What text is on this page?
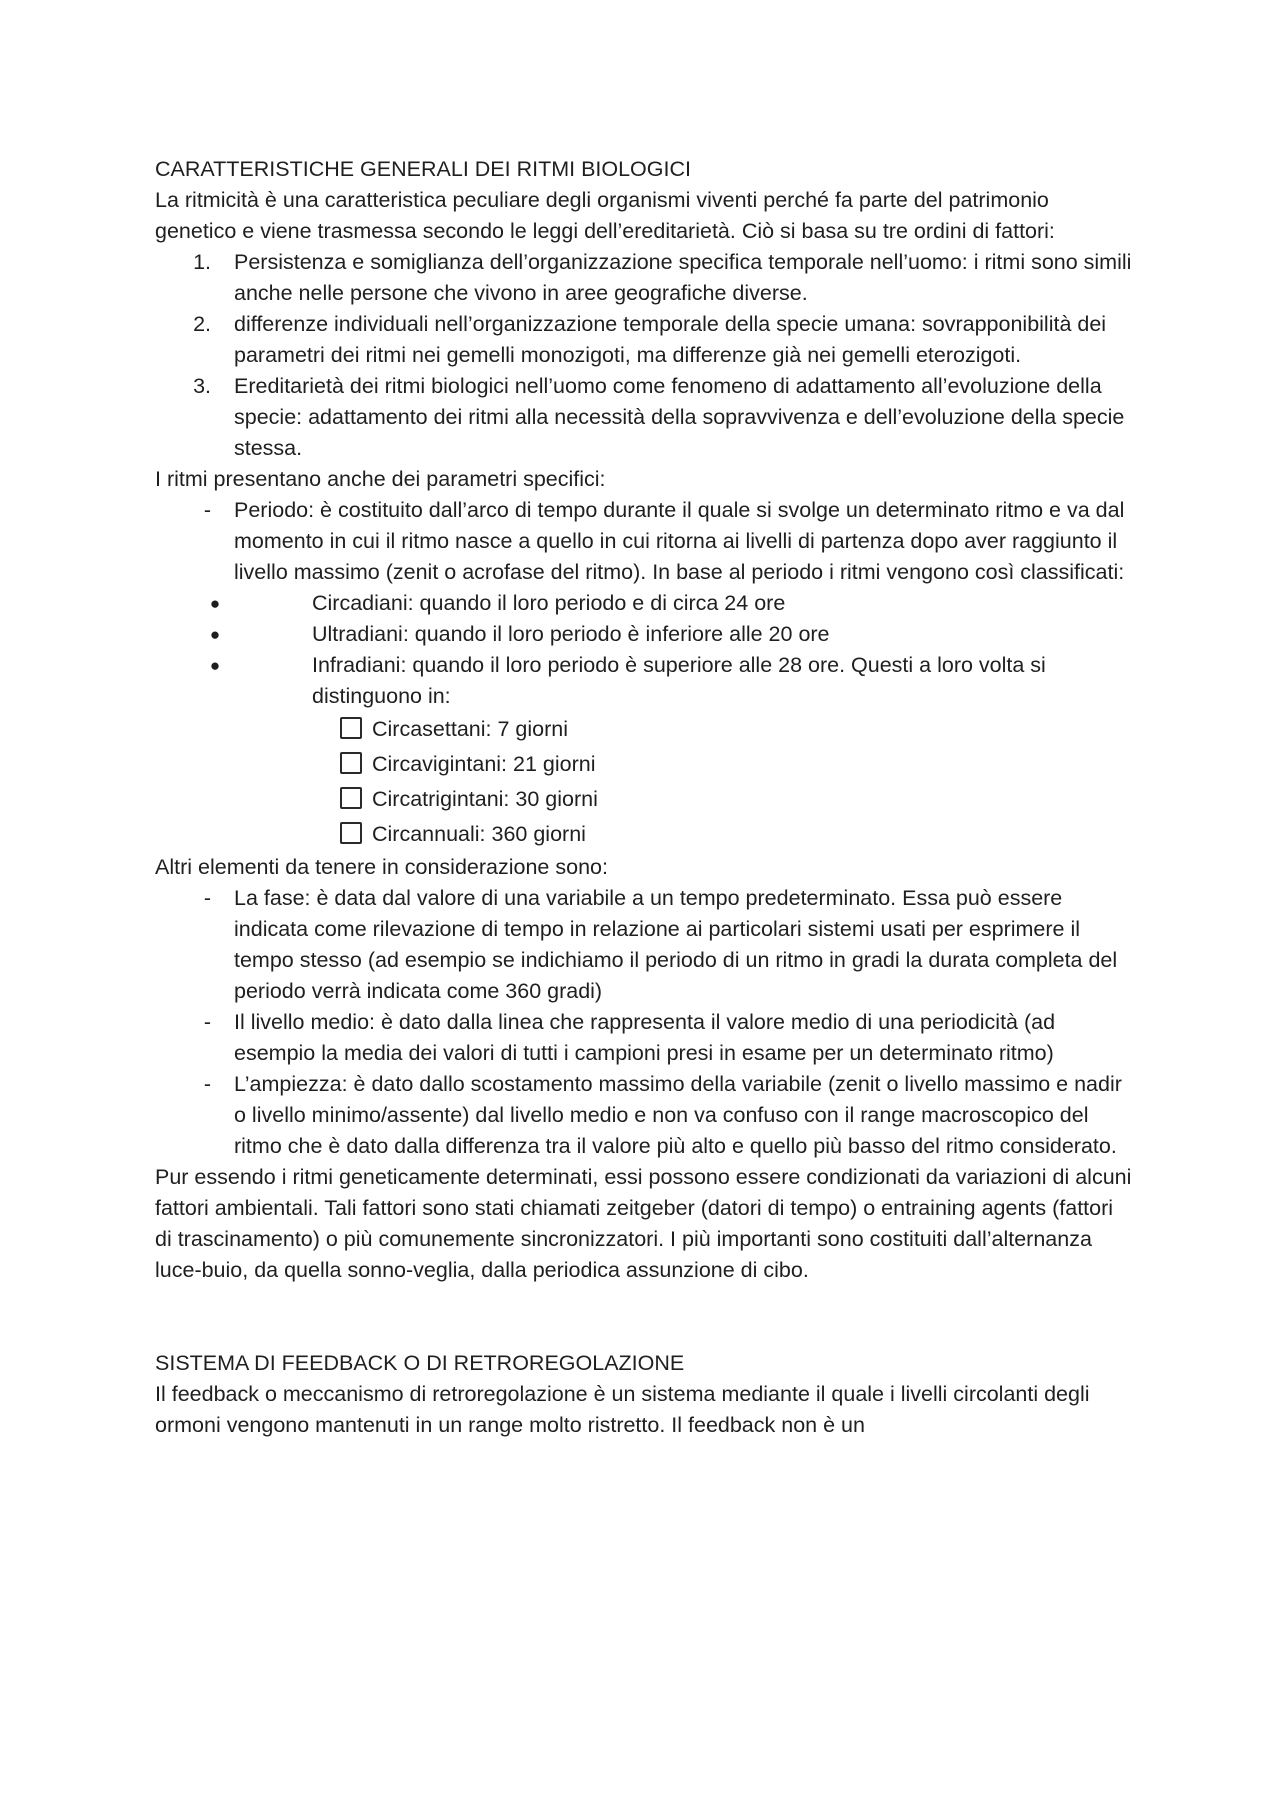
CARATTERISTICHE GENERALI DEI RITMI BIOLOGICI

La ritmicità è una caratteristica peculiare degli organismi viventi perché fa parte del patrimonio genetico e viene trasmessa secondo le leggi dell’ereditarietà. Ciò si basa su tre ordini di fattori:

1. Persistenza e somiglianza dell’organizzazione specifica temporale nell’uomo: i ritmi sono simili anche nelle persone che vivono in aree geografiche diverse.
2. differenze individuali nell’organizzazione temporale della specie umana: sovrapponibilità dei parametri dei ritmi nei gemelli monozigoti, ma differenze già nei gemelli eterozigoti.
3. Ereditarietà dei ritmi biologici nell’uomo come fenomeno di adattamento all’evoluzione della specie: adattamento dei ritmi alla necessità della sopravvivenza e dell’evoluzione della specie stessa.

I ritmi presentano anche dei parametri specifici:

- Periodo: è costituito dall’arco di tempo durante il quale si svolge un determinato ritmo e va dal momento in cui il ritmo nasce a quello in cui ritorna ai livelli di partenza dopo aver raggiunto il livello massimo (zenit o acrofase del ritmo). In base al periodo i ritmi vengono così classificati:
●	Circadiani: quando il loro periodo e di circa 24 ore
●	Ultradiani: quando il loro periodo è inferiore alle 20 ore
●	Infradiani: quando il loro periodo è superiore alle 28 ore. Questi a loro volta si distinguono in:
Circasettani: 7 giorni
Circavigintani: 21 giorni
Circatrigintani: 30 giorni
Circannuali: 360 giorni

Altri elementi da tenere in considerazione sono:

- La fase: è data dal valore di una variabile a un tempo predeterminato. Essa può essere indicata come rilevazione di tempo in relazione ai particolari sistemi usati per esprimere il tempo stesso (ad esempio se indichiamo il periodo di un ritmo in gradi la durata completa del periodo verrà indicata come 360 gradi)
- Il livello medio: è dato dalla linea che rappresenta il valore medio di una periodicità (ad esempio la media dei valori di tutti i campioni presi in esame per un determinato ritmo)
- L’ampiezza: è dato dallo scostamento massimo della variabile (zenit o livello massimo e nadir o livello minimo/assente) dal livello medio e non va confuso con il range macroscopico del ritmo che è dato dalla differenza tra il valore più alto e quello più basso del ritmo considerato.

Pur essendo i ritmi geneticamente determinati, essi possono essere condizionati da variazioni di alcuni fattori ambientali. Tali fattori sono stati chiamati zeitgeber (datori di tempo) o entraining agents (fattori di trascinamento) o più comunemente sincronizzatori. I più importanti sono costituiti dall’alternanza luce-buio, da quella sonno-veglia, dalla periodica assunzione di cibo.

SISTEMA DI FEEDBACK O DI RETROREGOLAZIONE

Il feedback o meccanismo di retroregolazione è un sistema mediante il quale i livelli circolanti degli ormoni vengono mantenuti in un range molto ristretto. Il feedback non è un
